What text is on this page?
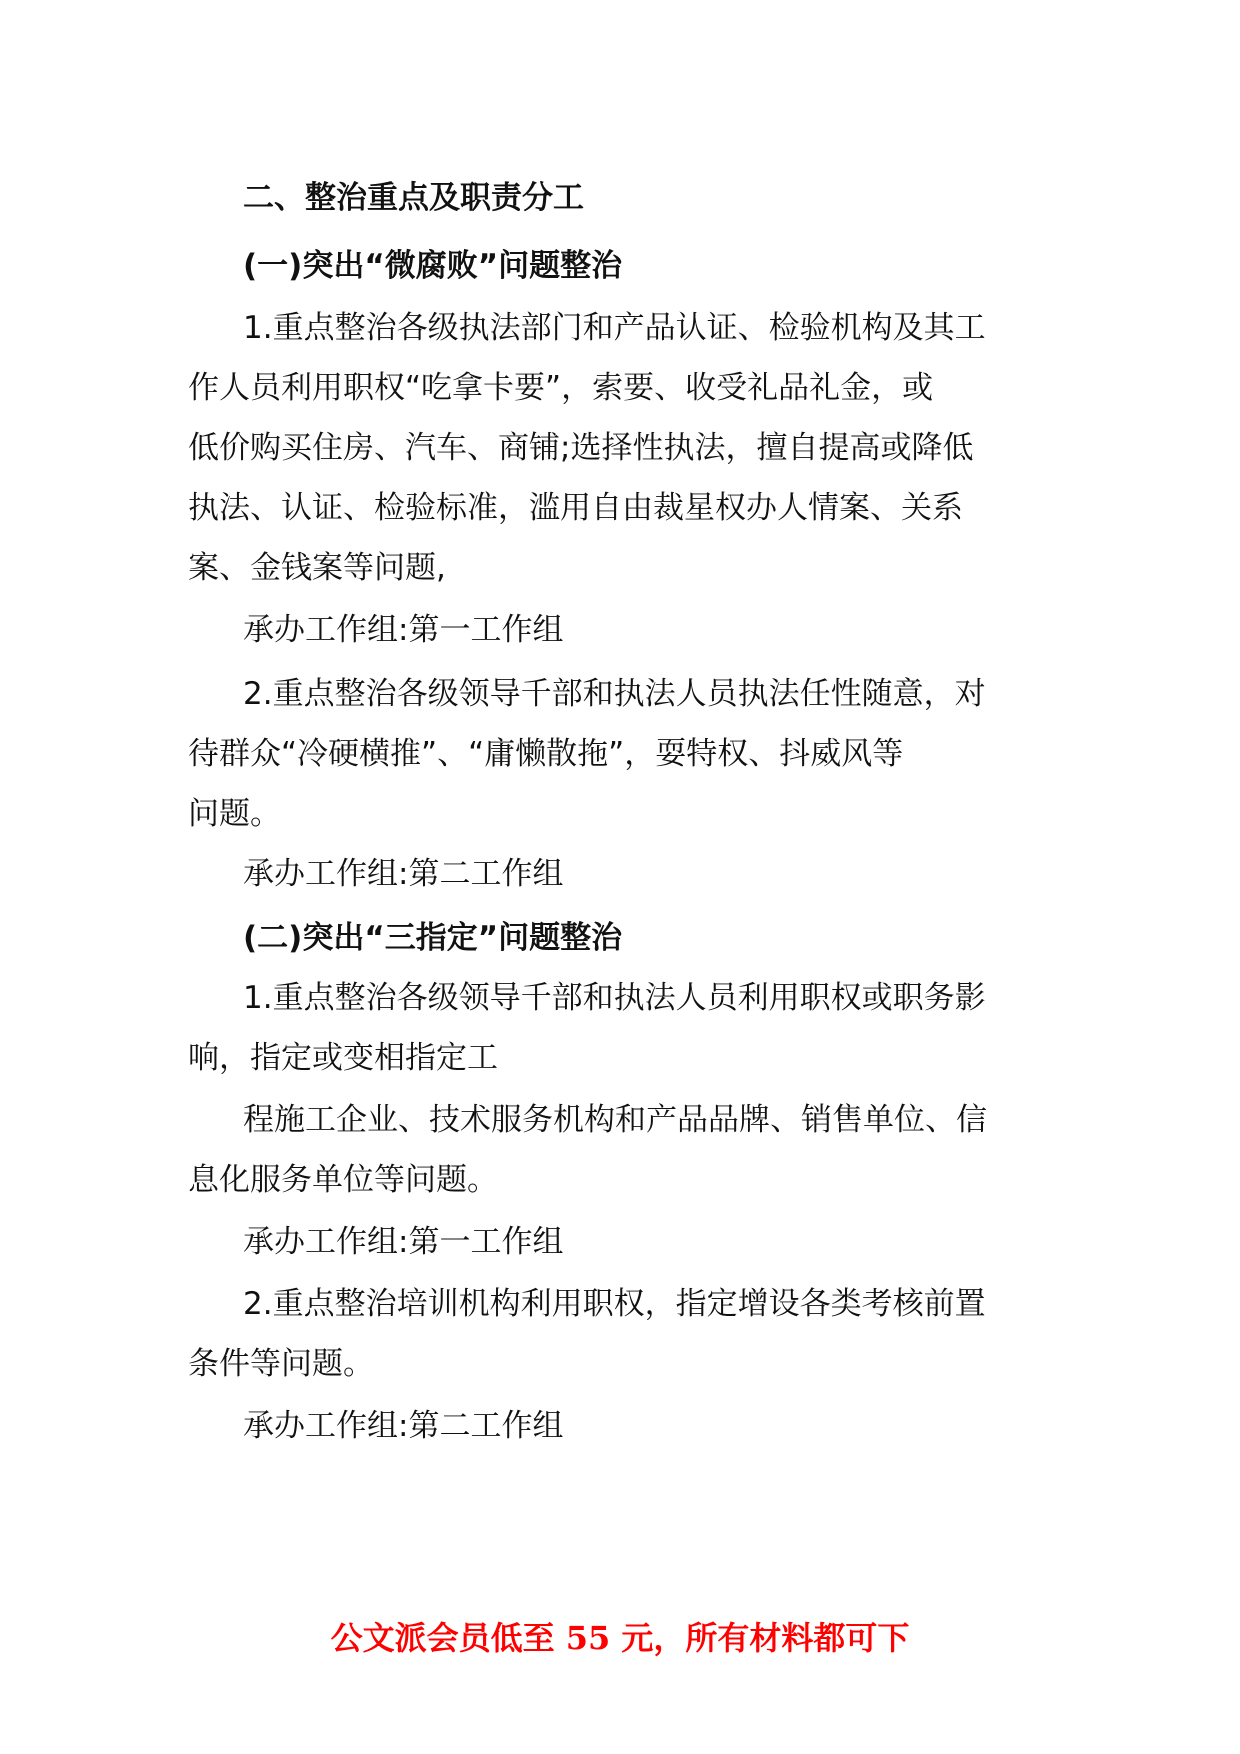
二、整治重点及职责分工
(一)突出“微腐败”问题整治
1.重点整治各级执法部门和产品认证、检验机构及其工
作人员利用职权“吃拿卡要”，索要、收受礼品礼金，或
低价购买住房、汽车、商铺;选择性执法，擅自提高或降低
执法、认证、检验标准，滥用自由裁星权办人情案、关系
案、金钱案等问题,
承办工作组:第一工作组
2.重点整治各级领导千部和执法人员执法任性随意，对
待群众“冷硬横推”、“庸懒散拖”，耍特权、抖威风等
问题。
承办工作组:第二工作组
(二)突出“三指定”问题整治
1.重点整治各级领导千部和执法人员利用职权或职务影
响，指定或变相指定工
程施工企业、技术服务机构和产品品牌、销售单位、信
息化服务单位等问题。
承办工作组:第一工作组
2.重点整治培训机构利用职权，指定增设各类考核前置
条件等问题。
承办工作组:第二工作组
公文派会员低至 55 元，所有材料都可下
